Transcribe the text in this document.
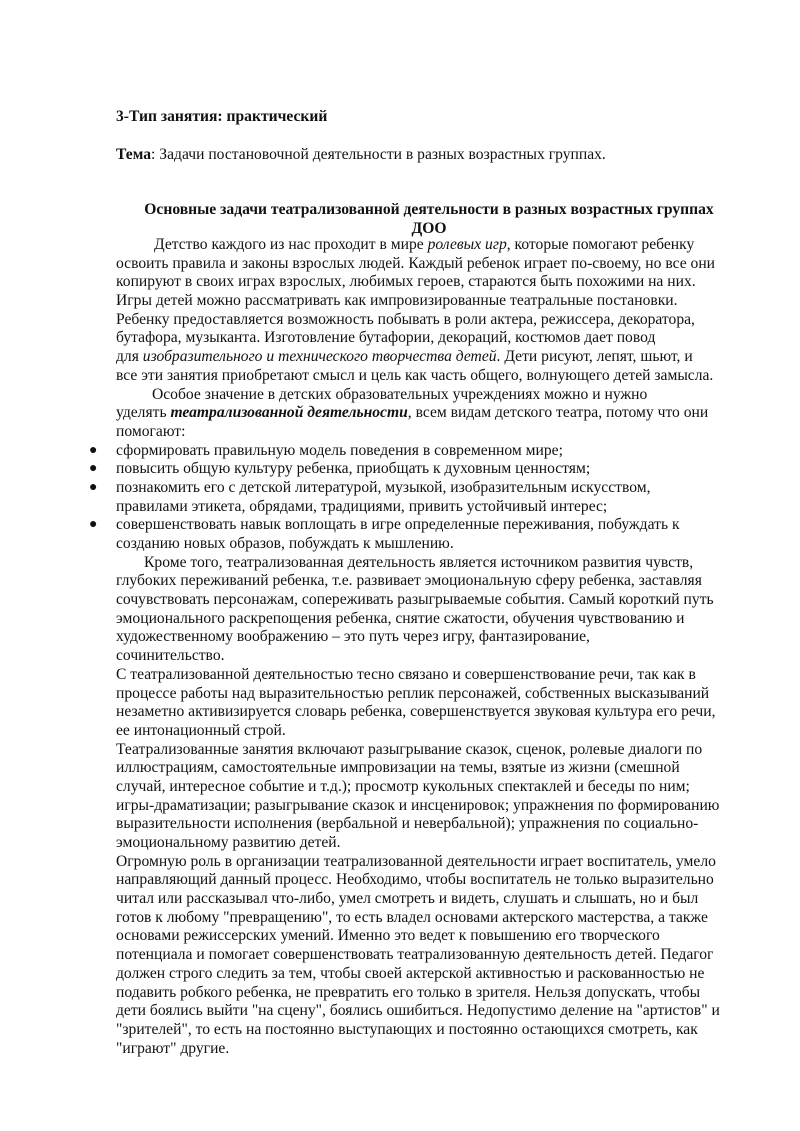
3-Тип занятия: практический
Тема: Задачи постановочной деятельности в разных возрастных группах.
Основные задачи театрализованной деятельности в разных возрастных группах
ДОО
Детство каждого из нас проходит в мире ролевых игр, которые помогают ребенку
освоить правила и законы взрослых людей. Каждый ребенок играет по-своему, но все они
копируют в своих играх взрослых, любимых героев, стараются быть похожими на них.
Игры детей можно рассматривать как импровизированные театральные постановки.
Ребенку предоставляется возможность побывать в роли актера, режиссера, декоратора,
бутафора, музыканта. Изготовление бутафории, декораций, костюмов дает повод
для изобразительного и технического творчества детей. Дети рисуют, лепят, шьют, и
все эти занятия приобретают смысл и цель как часть общего, волнующего детей замысла.
Особое значение в детских образовательных учреждениях можно и нужно
уделять театрализованной деятельности, всем видам детского театра, потому что они
помогают:
● сформировать правильную модель поведения в современном мире;
● повысить общую культуру ребенка, приобщать к духовным ценностям;
● познакомить его с детской литературой, музыкой, изобразительным искусством,
правилами этикета, обрядами, традициями, привить устойчивый интерес;
● совершенствовать навык воплощать в игре определенные переживания, побуждать к
созданию новых образов, побуждать к мышлению.
Кроме того, театрализованная деятельность является источником развития чувств,
глубоких переживаний ребенка, т.е. развивает эмоциональную сферу ребенка, заставляя
сочувствовать персонажам, сопереживать разыгрываемые события. Самый короткий путь
эмоционального раскрепощения ребенка, снятие сжатости, обучения чувствованию и
художественному воображению – это путь через игру, фантазирование,
сочинительство.
С театрализованной деятельностью тесно связано и совершенствование речи, так как в
процессе работы над выразительностью реплик персонажей, собственных высказываний
незаметно активизируется словарь ребенка, совершенствуется звуковая культура его речи,
ее интонационный строй.
Театрализованные занятия включают разыгрывание сказок, сценок, ролевые диалоги по
иллюстрациям, самостоятельные импровизации на темы, взятые из жизни (смешной
случай, интересное событие и т.д.); просмотр кукольных спектаклей и беседы по ним;
игры-драматизации; разыгрывание сказок и инсценировок; упражнения по формированию
выразительности исполнения (вербальной и невербальной); упражнения по социально-
эмоциональному развитию детей.
Огромную роль в организации театрализованной деятельности играет воспитатель, умело
направляющий данный процесс. Необходимо, чтобы воспитатель не только выразительно
читал или рассказывал что-либо, умел смотреть и видеть, слушать и слышать, но и был
готов к любому "превращению", то есть владел основами актерского мастерства, а также
основами режиссерских умений. Именно это ведет к повышению его творческого
потенциала и помогает совершенствовать театрализованную деятельность детей. Педагог
должен строго следить за тем, чтобы своей актерской активностью и раскованностью не
подавить робкого ребенка, не превратить его только в зрителя. Нельзя допускать, чтобы
дети боялись выйти "на сцену", боялись ошибиться. Недопустимо деление на "артистов" и
"зрителей", то есть на постоянно выступающих и постоянно остающихся смотреть, как
"играют" другие.
